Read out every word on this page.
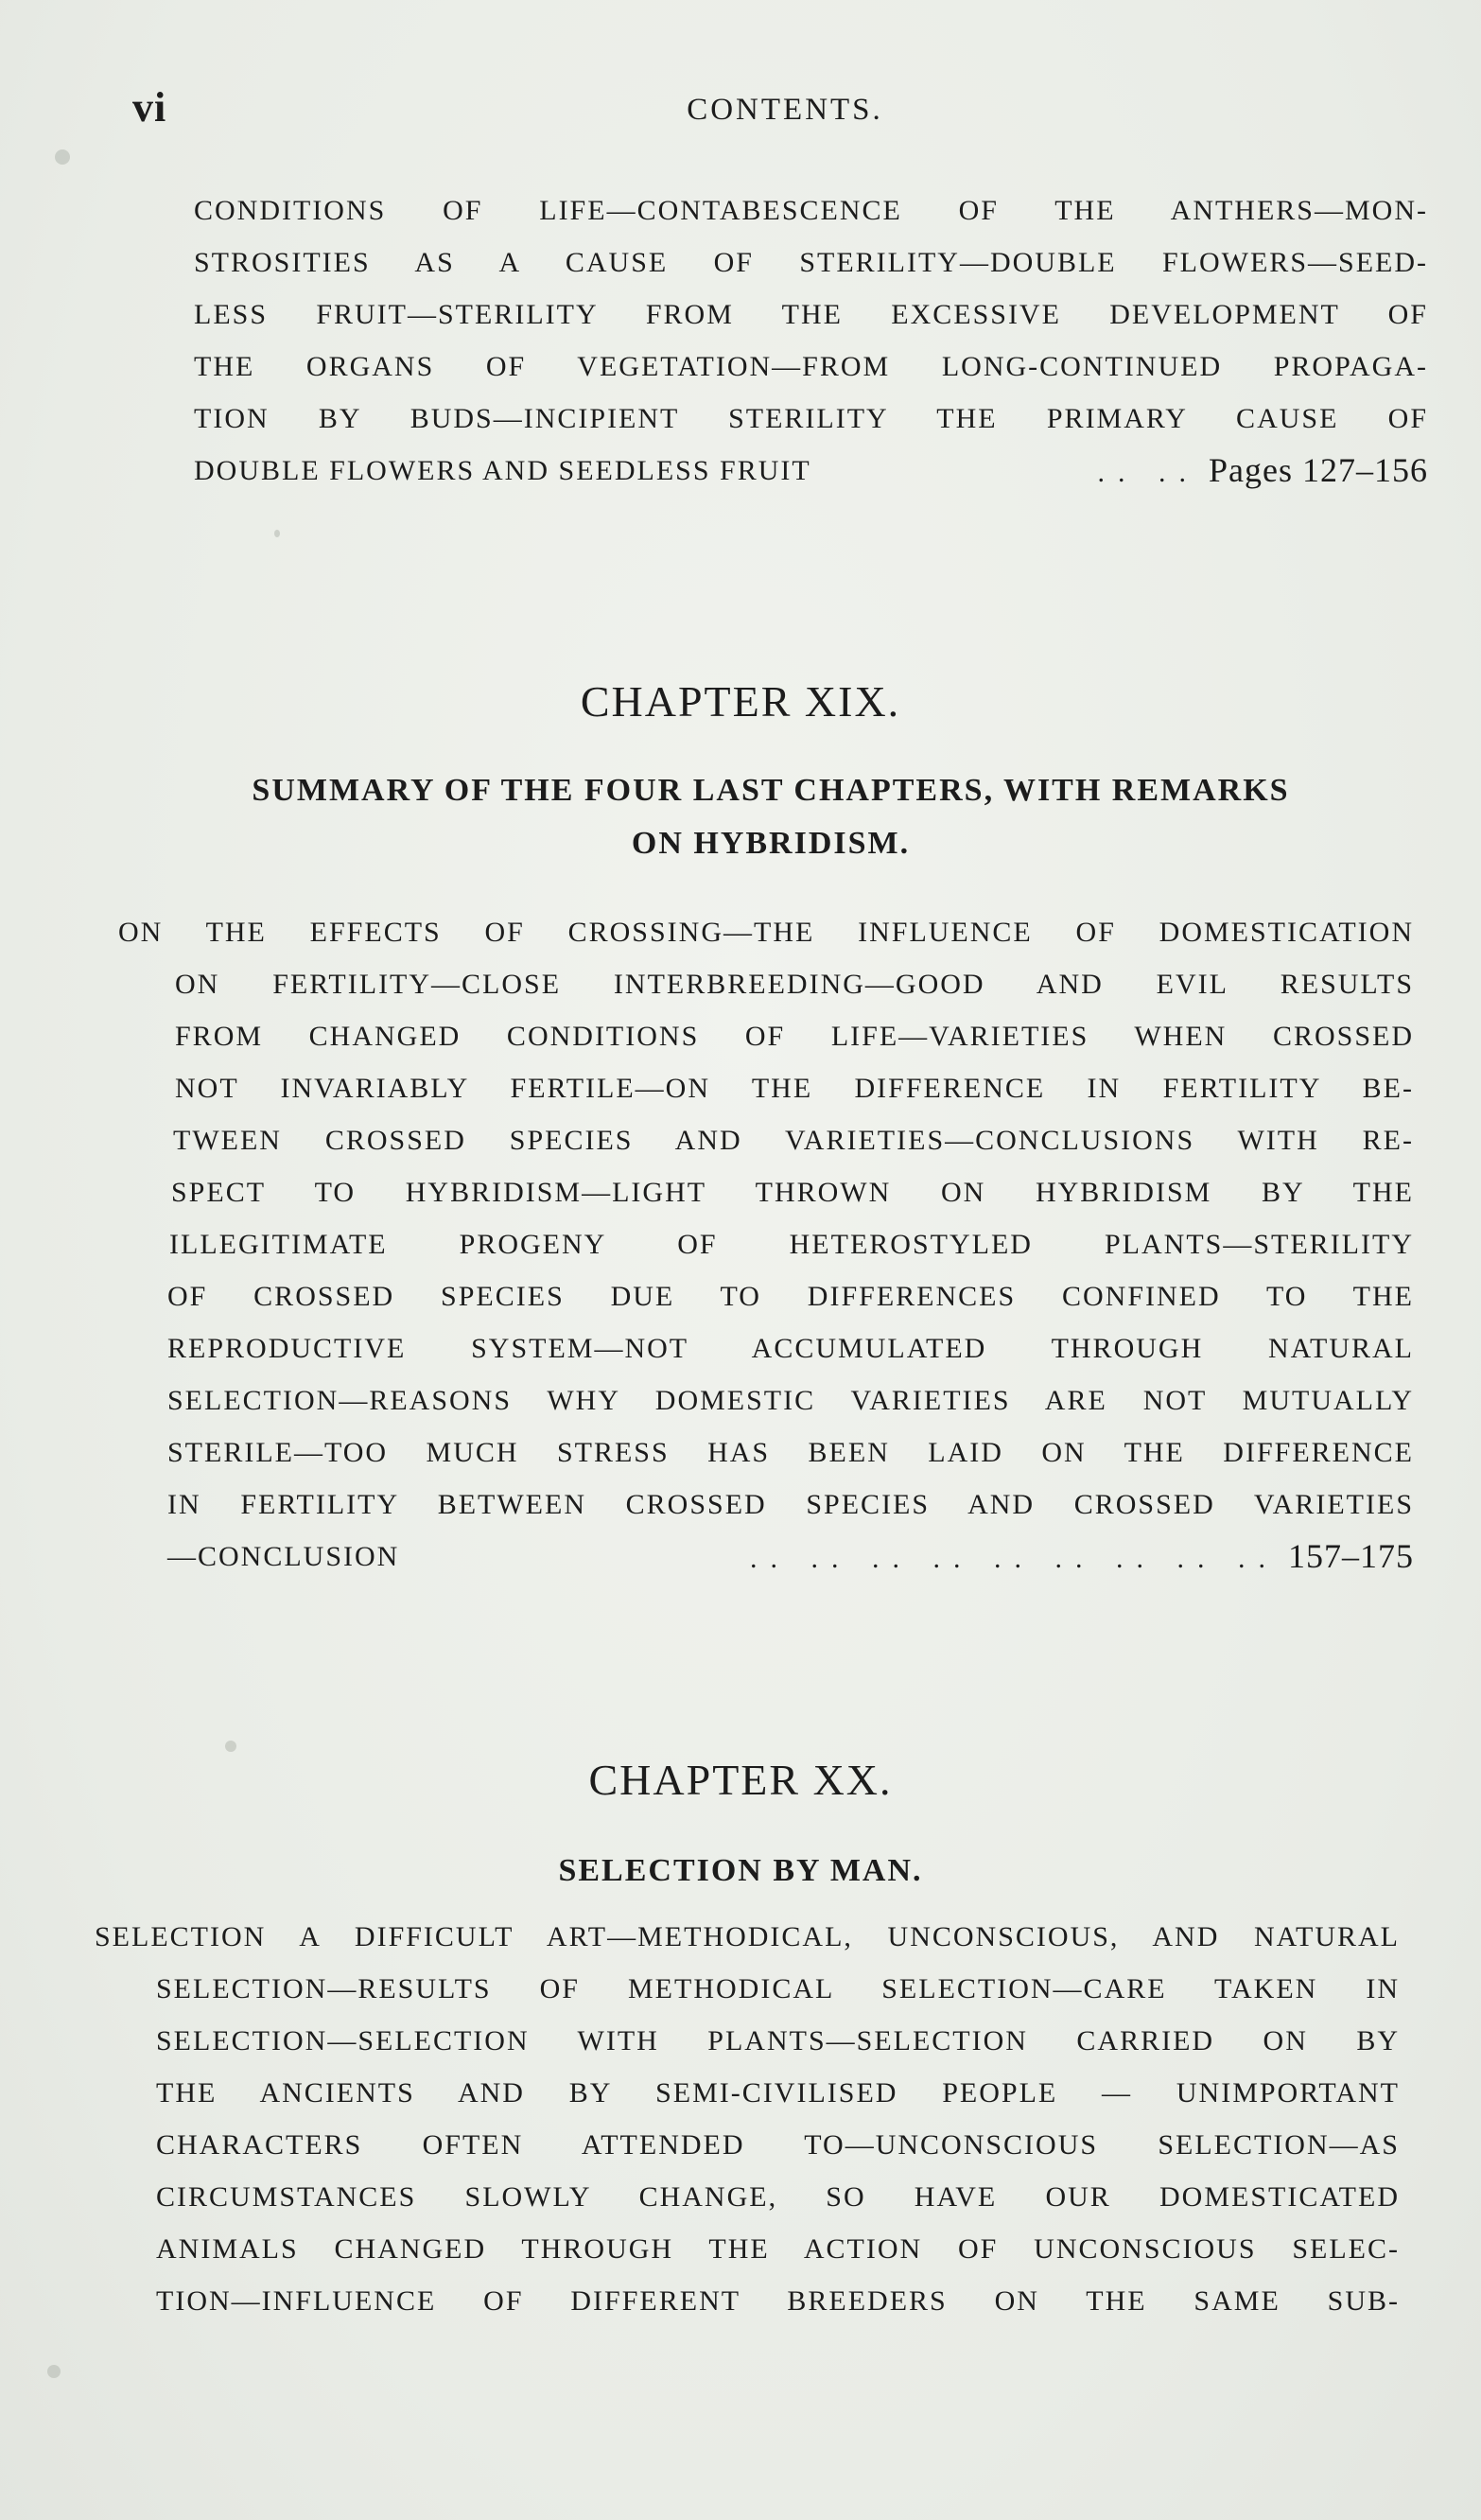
vi	CONTENTS.
CONDITIONS OF LIFE—CONTABESCENCE OF THE ANTHERS—MON-
STROSITIES AS A CAUSE OF STERILITY—DOUBLE FLOWERS—SEED-
LESS FRUIT—STERILITY FROM THE EXCESSIVE DEVELOPMENT OF
THE ORGANS OF VEGETATION—FROM LONG-CONTINUED PROPAGA-
TION BY BUDS—INCIPIENT STERILITY THE PRIMARY CAUSE OF
DOUBLE FLOWERS AND SEEDLESS FRUIT	.. .. Pages 127–156
CHAPTER XIX.
SUMMARY OF THE FOUR LAST CHAPTERS, WITH REMARKS
ON HYBRIDISM.
ON THE EFFECTS OF CROSSING—THE INFLUENCE OF DOMESTICATION
ON FERTILITY—CLOSE INTERBREEDING—GOOD AND EVIL RESULTS
FROM CHANGED CONDITIONS OF LIFE—VARIETIES WHEN CROSSED
NOT INVARIABLY FERTILE—ON THE DIFFERENCE IN FERTILITY BE-
TWEEN CROSSED SPECIES AND VARIETIES—CONCLUSIONS WITH RE-
SPECT TO HYBRIDISM—LIGHT THROWN ON HYBRIDISM BY THE
ILLEGITIMATE PROGENY OF HETEROSTYLED PLANTS—STERILITY
OF CROSSED SPECIES DUE TO DIFFERENCES CONFINED TO THE
REPRODUCTIVE SYSTEM—NOT ACCUMULATED THROUGH NATURAL
SELECTION—REASONS WHY DOMESTIC VARIETIES ARE NOT MUTUALLY
STERILE—TOO MUCH STRESS HAS BEEN LAID ON THE DIFFERENCE
IN FERTILITY BETWEEN CROSSED SPECIES AND CROSSED VARIETIES
—CONCLUSION	.. .. .. .. .. .. .. .. .. 157–175
CHAPTER XX.
SELECTION BY MAN.
SELECTION A DIFFICULT ART—METHODICAL, UNCONSCIOUS, AND NATURAL
SELECTION—RESULTS OF METHODICAL SELECTION—CARE TAKEN IN
SELECTION—SELECTION WITH PLANTS—SELECTION CARRIED ON BY
THE ANCIENTS AND BY SEMI-CIVILISED PEOPLE — UNIMPORTANT
CHARACTERS OFTEN ATTENDED TO—UNCONSCIOUS SELECTION—AS
CIRCUMSTANCES SLOWLY CHANGE, SO HAVE OUR DOMESTICATED
ANIMALS CHANGED THROUGH THE ACTION OF UNCONSCIOUS SELEC-
TION—INFLUENCE OF DIFFERENT BREEDERS ON THE SAME SUB-
